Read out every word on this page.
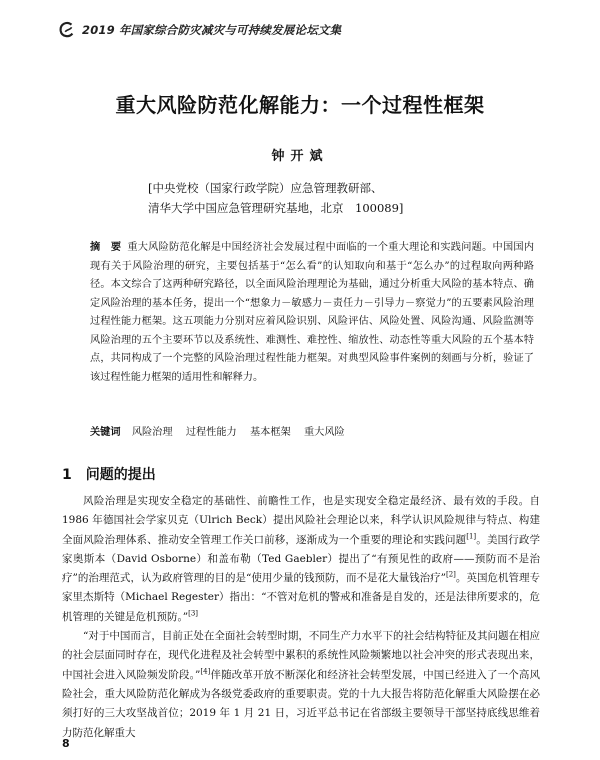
2019 年国家综合防灾减灾与可持续发展论坛文集
重大风险防范化解能力：一个过程性框架
钟开斌
[中央党校（国家行政学院）应急管理教研部、
清华大学中国应急管理研究基地，北京　100089]
摘　要 重大风险防范化解是中国经济社会发展过程中面临的一个重大理论和实践问题。中国国内现有关于风险治理的研究，主要包括基于“怎么看”的认知取向和基于“怎么办”的过程取向两种路径。本文综合了这两种研究路径，以全面风险治理理论为基础，通过分析重大风险的基本特点、确定风险治理的基本任务，提出一个“想象力－敏感力－责任力－引导力－察觉力”的五要素风险治理过程性能力框架。这五项能力分别对应着风险识别、风险评估、风险处置、风险沟通、风险监测等风险治理的五个主要环节以及系统性、难测性、难控性、缩放性、动态性等重大风险的五个基本特点，共同构成了一个完整的风险治理过程性能力框架。对典型风险事件案例的刻画与分析，验证了该过程性能力框架的适用性和解释力。
关键词 风险治理 过程性能力 基本框架 重大风险
1　问题的提出

风险治理是实现安全稳定的基础性、前瞻性工作，也是实现安全稳定最经济、最有效的手段。自 1986 年德国社会学家贝克（Ulrich Beck）提出风险社会理论以来，科学认识风险规律与特点、构建全面风险治理体系、推动安全管理工作关口前移，逐渐成为一个重要的理论和实践问题[1]。美国行政学家奥斯本（David Osborne）和盖布勒（Ted Gaebler）提出了“有预见性的政府——预防而不是治疗”的治理范式，认为政府管理的目的是“使用少量的钱预防，而不是花大量钱治疗”[2]。英国危机管理专家里杰斯特（Michael Regester）指出：“不管对危机的警戒和准备是自发的，还是法律所要求的，危机管理的关键是危机预防。”[3]

“对于中国而言，目前正处在全面社会转型时期，不同生产力水平下的社会结构特征及其问题在相应的社会层面同时存在，现代化进程及社会转型中累积的系统性风险频繁地以社会冲突的形式表现出来，中国社会进入风险频发阶段。”[4]伴随改革开放不断深化和经济社会转型发展，中国已经进入了一个高风险社会，重大风险防范化解成为各级党委政府的重要职责。党的十九大报告将防范化解重大风险摆在必须打好的三大攻坚战首位；2019 年 1 月 21 日，习近平总书记在省部级主要领导干部坚持底线思维着力防范化解重大

8
